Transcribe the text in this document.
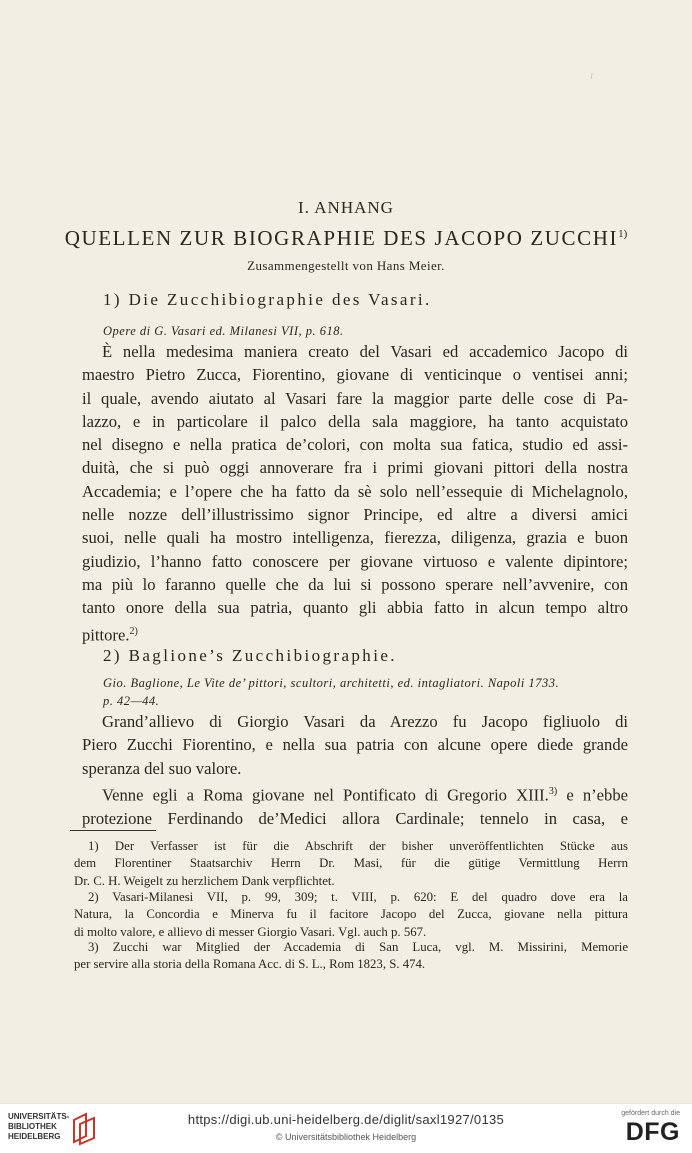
ı
I. ANHANG
QUELLEN ZUR BIOGRAPHIE DES JACOPO ZUCCHI$^{1)}$
Zusammengestellt von Hans Meier.
1) Die Zucchibiographie des Vasari.
Opere di G. Vasari ed. Milanesi VII, p. 618.
È nella medesima maniera creato del Vasari ed accademico Jacopo di
maestro Pietro Zucca, Fiorentino, giovane di venticinque o ventisei anni;
il quale, avendo aiutato al Vasari fare la maggior parte delle cose di Pa-
lazzo, e in particolare il palco della sala maggiore, ha tanto acquistato
nel disegno e nella pratica de’colori, con molta sua fatica, studio ed assi-
duità, che si può oggi annoverare fra i primi giovani pittori della nostra
Accademia; e l’opere che ha fatto da sè solo nell’essequie di Michelagnolo,
nelle nozze dell’illustrissimo signor Principe, ed altre a diversi amici
suoi, nelle quali ha mostro intelligenza, fierezza, diligenza, grazia e buon
giudizio, l’hanno fatto conoscere per giovane virtuoso e valente dipintore;
ma più lo faranno quelle che da lui si possono sperare nell’avvenire, con
tanto onore della sua patria, quanto gli abbia fatto in alcun tempo altro
pittore.$^{2)}$
2) Baglione’s Zucchibiographie.
Gio. Baglione, Le Vite de’ pittori, scultori, architetti, ed. intagliatori. Napoli 1733.
p. 42—44.
Grand’allievo di Giorgio Vasari da Arezzo fu Jacopo figliuolo di
Piero Zucchi Fiorentino, e nella sua patria con alcune opere diede grande
speranza del suo valore.
Venne egli a Roma giovane nel Pontificato di Gregorio XIII.$^{3)}$ e n’ebbe
protezione Ferdinando de’Medici allora Cardinale; tennelo in casa, e
1) Der Verfasser ist für die Abschrift der bisher unveröffentlichten Stücke aus
dem Florentiner Staatsarchiv Herrn Dr. Masi, für die gütige Vermittlung Herrn
Dr. C. H. Weigelt zu herzlichem Dank verpflichtet.
2) Vasari-Milanesi VII, p. 99, 309; t. VIII, p. 620: E del quadro dove era la
Natura, la Concordia e Minerva fu il facitore Jacopo del Zucca, giovane nella pittura
di molto valore, e allievo di messer Giorgio Vasari. Vgl. auch p. 567.
3) Zucchi war Mitglied der Accademia di San Luca, vgl. M. Missirini, Memorie
per servire alla storia della Romana Acc. di S. L., Rom 1823, S. 474.
UNIVERSITÄTS-
BIBLIOTHEK
HEIDELBERG
https://digi.ub.uni-heidelberg.de/diglit/saxl1927/0135
© Universitätsbibliothek Heidelberg
gefördert durch die
DFG
